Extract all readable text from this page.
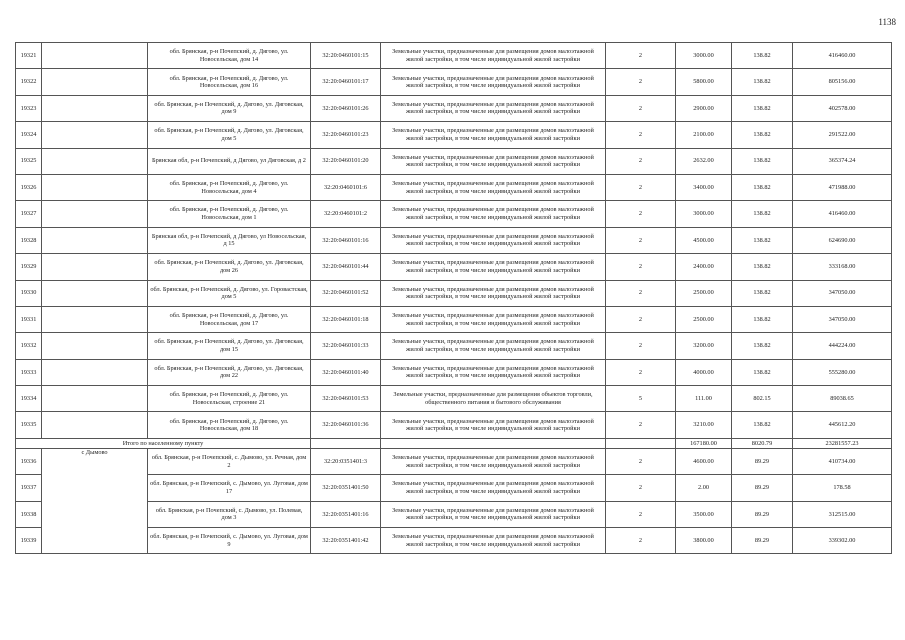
1138
19321		обл. Брянская, р-н Почепский, д. Дягово, ул. Новосельская, дом 14	32:20:0460101:15	Земельные участки, предназначенные для размещения домов малоэтажной жилой застройки, в том числе индивидуальной жилой застройки	2	3000.00	138.82	416460.00
19322		обл. Брянская, р-н Почепский, д. Дягово, ул. Новосельская, дом 16	32:20:0460101:17	Земельные участки, предназначенные для размещения домов малоэтажной жилой застройки, в том числе индивидуальной жилой застройки	2	5800.00	138.82	805156.00
19323		обл. Брянская, р-н Почепский, д. Дягово, ул. Дяговская, дом 9	32:20:0460101:26	Земельные участки, предназначенные для размещения домов малоэтажной жилой застройки, в том числе индивидуальной жилой застройки	2	2900.00	138.82	402578.00
19324		обл. Брянская, р-н Почепский, д. Дягово, ул. Дяговская, дом 5	32:20:0460101:23	Земельные участки, предназначенные для размещения домов малоэтажной жилой застройки, в том числе индивидуальной жилой застройки	2	2100.00	138.82	291522.00
19325		Брянская обл, р-н Почепский, д Дягово, ул Дяговская, д 2	32:20:0460101:20	Земельные участки, предназначенные для размещения домов малоэтажной жилой застройки, в том числе индивидуальной жилой застройки	2	2632.00	138.82	365374.24
19326		обл. Брянская, р-н Почепский, д. Дягово, ул. Новосельская, дом 4	32:20:0460101:6	Земельные участки, предназначенные для размещения домов малоэтажной жилой застройки, в том числе индивидуальной жилой застройки	2	3400.00	138.82	471988.00
19327		обл. Брянская, р-н Почепский, д. Дягово, ул. Новосельская, дом 1	32:20:0460101:2	Земельные участки, предназначенные для размещения домов малоэтажной жилой застройки, в том числе индивидуальной жилой застройки	2	3000.00	138.82	416460.00
19328		Брянская обл, р-н Почепский, д Дягово, ул Новосельская, д 15	32:20:0460101:16	Земельные участки, предназначенные для размещения домов малоэтажной жилой застройки, в том числе индивидуальной жилой застройки	2	4500.00	138.82	624690.00
19329		обл. Брянская, р-н Почепский, д. Дягово, ул. Дяговская, дом 26	32:20:0460101:44	Земельные участки, предназначенные для размещения домов малоэтажной жилой застройки, в том числе индивидуальной жилой застройки	2	2400.00	138.82	333168.00
19330		обл. Брянская, р-н Почепский, д. Дягово, ул. Горовастская, дом 5	32:20:0460101:52	Земельные участки, предназначенные для размещения домов малоэтажной жилой застройки, в том числе индивидуальной жилой застройки	2	2500.00	138.82	347050.00
19331		обл. Брянская, р-н Почепский, д. Дягово, ул. Новосельская, дом 17	32:20:0460101:18	Земельные участки, предназначенные для размещения домов малоэтажной жилой застройки, в том числе индивидуальной жилой застройки	2	2500.00	138.82	347050.00
19332		обл. Брянская, р-н Почепский, д. Дягово, ул. Дяговская, дом 15	32:20:0460101:33	Земельные участки, предназначенные для размещения домов малоэтажной жилой застройки, в том числе индивидуальной жилой застройки	2	3200.00	138.82	444224.00
19333		обл. Брянская, р-н Почепский, д. Дягово, ул. Дяговская, дом 22	32:20:0460101:40	Земельные участки, предназначенные для размещения домов малоэтажной жилой застройки, в том числе индивидуальной жилой застройки	2	4000.00	138.82	555280.00
19334		обл. Брянская, р-н Почепский, д. Дягово, ул. Новосельская, строение 21	32:20:0460101:53	Земельные участки, предназначенные для размещения объектов торговли, общественного питания и бытового обслуживания	5	111.00	802.15	89038.65
19335		обл. Брянская, р-н Почепский, д. Дягово, ул. Новосельская, дом 18	32:20:0460101:36	Земельные участки, предназначенные для размещения домов малоэтажной жилой застройки, в том числе индивидуальной жилой застройки	2	3210.00	138.82	445612.20
Итого по населенному пункту						167180.00	8020.79	23281557.23
19336	с Дымово	обл. Брянская, р-н Почепский, с. Дымово, ул. Речная, дом 2	32:20:0351401:3	Земельные участки, предназначенные для размещения домов малоэтажной жилой застройки, в том числе индивидуальной жилой застройки	2	4600.00	89.29	410734.00
19337		обл. Брянская, р-н Почепский, с. Дымово, ул. Луговая, дом 17	32:20:0351401:50	Земельные участки, предназначенные для размещения домов малоэтажной жилой застройки, в том числе индивидуальной жилой застройки	2	2.00	89.29	178.58
19338		обл. Брянская, р-н Почепский, с. Дымово, ул. Полевая, дом 3	32:20:0351401:16	Земельные участки, предназначенные для размещения домов малоэтажной жилой застройки, в том числе индивидуальной жилой застройки	2	3500.00	89.29	312515.00
19339		обл. Брянская, р-н Почепский, с. Дымово, ул. Луговая, дом 9	32:20:0351401:42	Земельные участки, предназначенные для размещения домов малоэтажной жилой застройки, в том числе индивидуальной жилой застройки	2	3800.00	89.29	339302.00
